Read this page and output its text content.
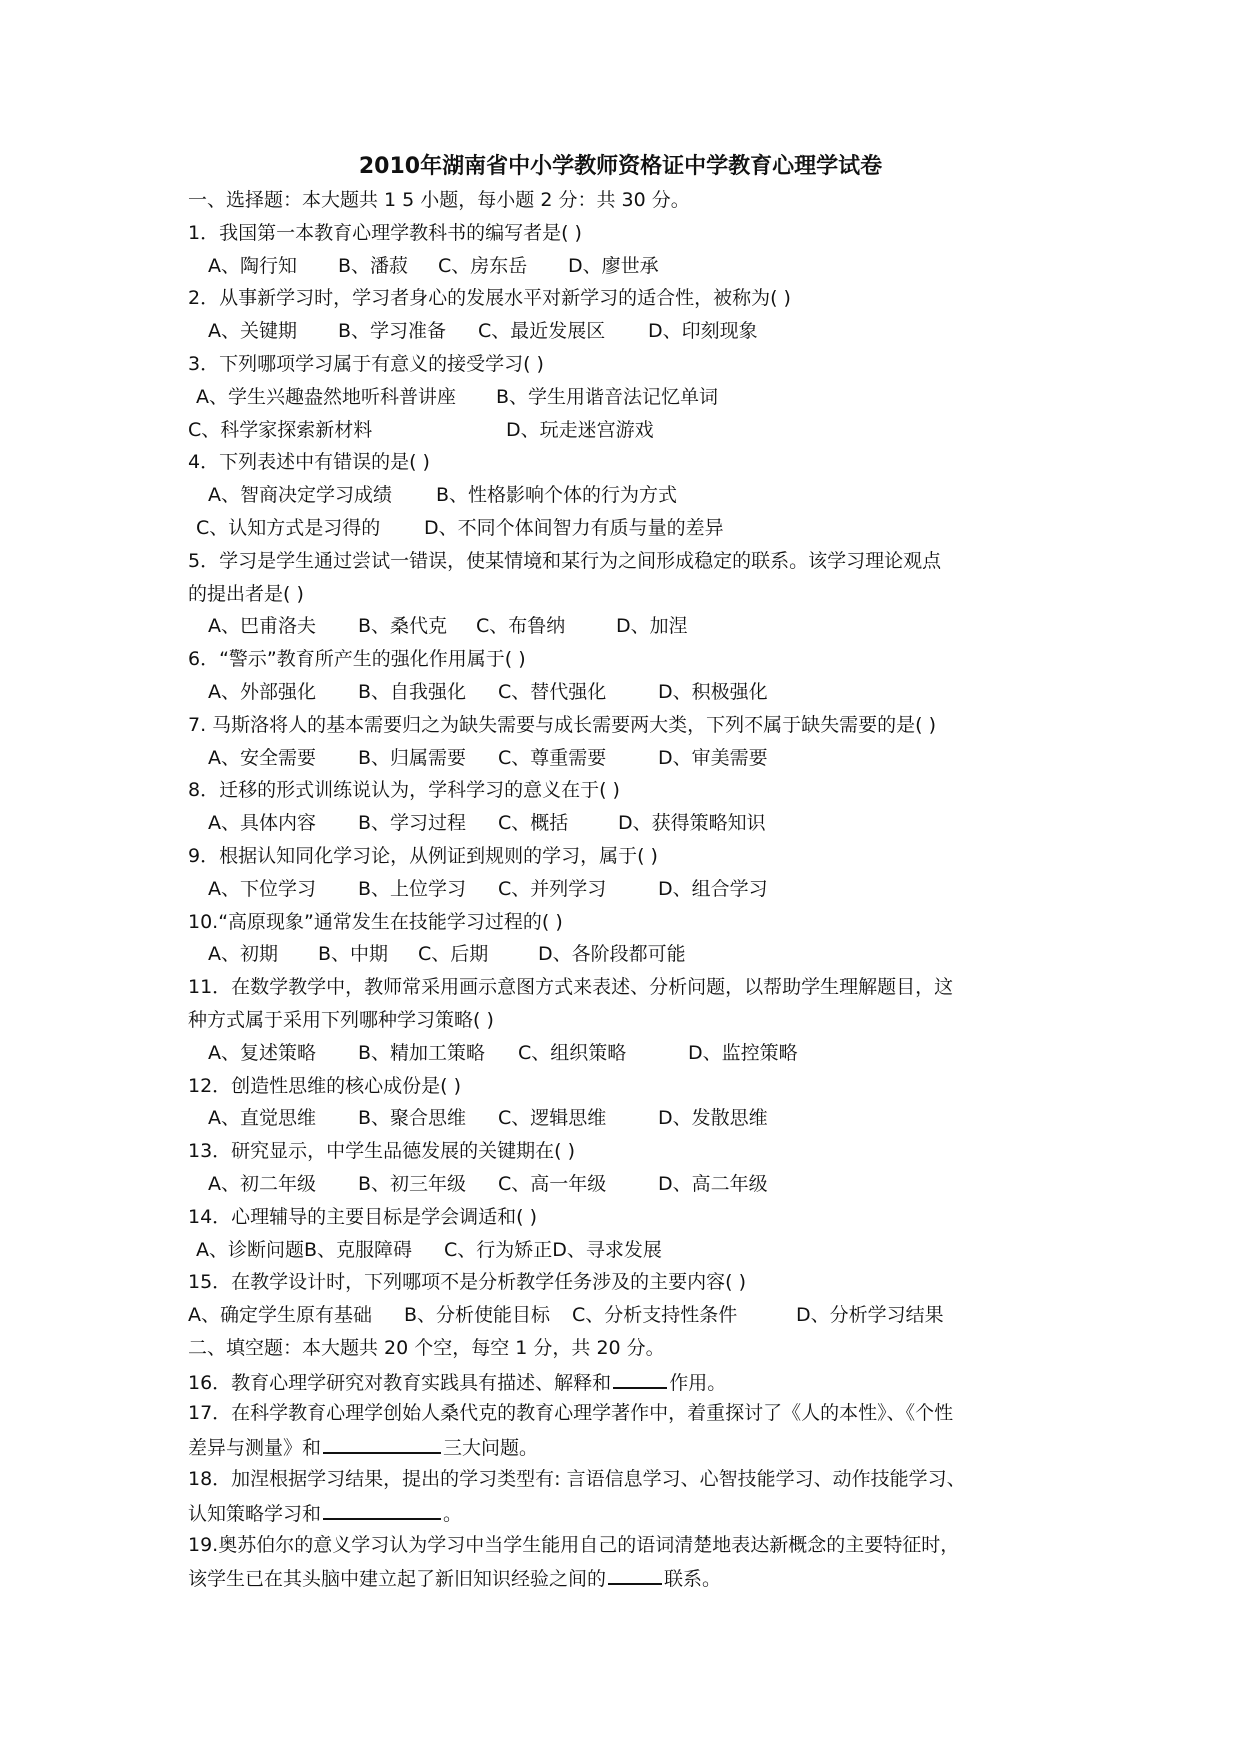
2010年湖南省中小学教师资格证中学教育心理学试卷
一、选择题：本大题共 1 5 小题，每小题 2 分：共 30 分。
1．我国第一本教育心理学教科书的编写者是( )
A、陶行知 B、潘菽 C、房东岳 D、廖世承
2．从事新学习时，学习者身心的发展水平对新学习的适合性，被称为( )
A、关键期 B、学习准备 C、最近发展区 D、印刻现象
3．下列哪项学习属于有意义的接受学习( )
A、学生兴趣盎然地听科普讲座 B、学生用谐音法记忆单词
C、科学家探索新材料	D、玩走迷宫游戏
4．下列表述中有错误的是( )
A、智商决定学习成绩 B、性格影响个体的行为方式
C、认知方式是习得的 D、不同个体间智力有质与量的差异
5．学习是学生通过尝试一错误，使某情境和某行为之间形成稳定的联系。该学习理论观点
的提出者是( )
A、巴甫洛夫 B、桑代克 C、布鲁纳	D、加涅
6．“警示”教育所产生的强化作用属于( )
A、外部强化 B、自我强化 C、替代强化	D、积极强化
7. 马斯洛将人的基本需要归之为缺失需要与成长需要两大类，下列不属于缺失需要的是( )
A、安全需要 B、归属需要 C、尊重需要	D、审美需要
8．迁移的形式训练说认为，学科学习的意义在于( )
A、具体内容 B、学习过程 C、概括	D、获得策略知识
9．根据认知同化学习论，从例证到规则的学习，属于( )
A、下位学习 B、上位学习 C、并列学习	D、组合学习
10.“高原现象”通常发生在技能学习过程的( )
A、初期 B、中期 C、后期	D、各阶段都可能
11．在数学教学中，教师常采用画示意图方式来表述、分析问题，以帮助学生理解题目，这
种方式属于采用下列哪种学习策略( )
A、复述策略 B、精加工策略 C、组织策略	D、监控策略
12．创造性思维的核心成份是( )
A、直觉思维 B、聚合思维 C、逻辑思维	D、发散思维
13．研究显示，中学生品德发展的关键期在( )
A、初二年级 B、初三年级 C、高一年级	D、高二年级
14．心理辅导的主要目标是学会调适和( )
A、诊断问题B、克服障碍 C、行为矫正D、寻求发展
15．在教学设计时，下列哪项不是分析教学任务涉及的主要内容( )
A、确定学生原有基础 B、分析使能目标 C、分析支持性条件	D、分析学习结果
二、填空题：本大题共 20 个空，每空 1 分，共 20 分。
16．教育心理学研究对教育实践具有描述、解释和	作用。
17．在科学教育心理学创始人桑代克的教育心理学著作中，着重探讨了《人的本性》、《个性
差异与测量》和	三大问题。
18．加涅根据学习结果，提出的学习类型有: 言语信息学习、心智技能学习、动作技能学习、
认知策略学习和	。
19.奥苏伯尔的意义学习认为学习中当学生能用自己的语词清楚地表达新概念的主要特征时，
该学生已在其头脑中建立起了新旧知识经验之间的	联系。
